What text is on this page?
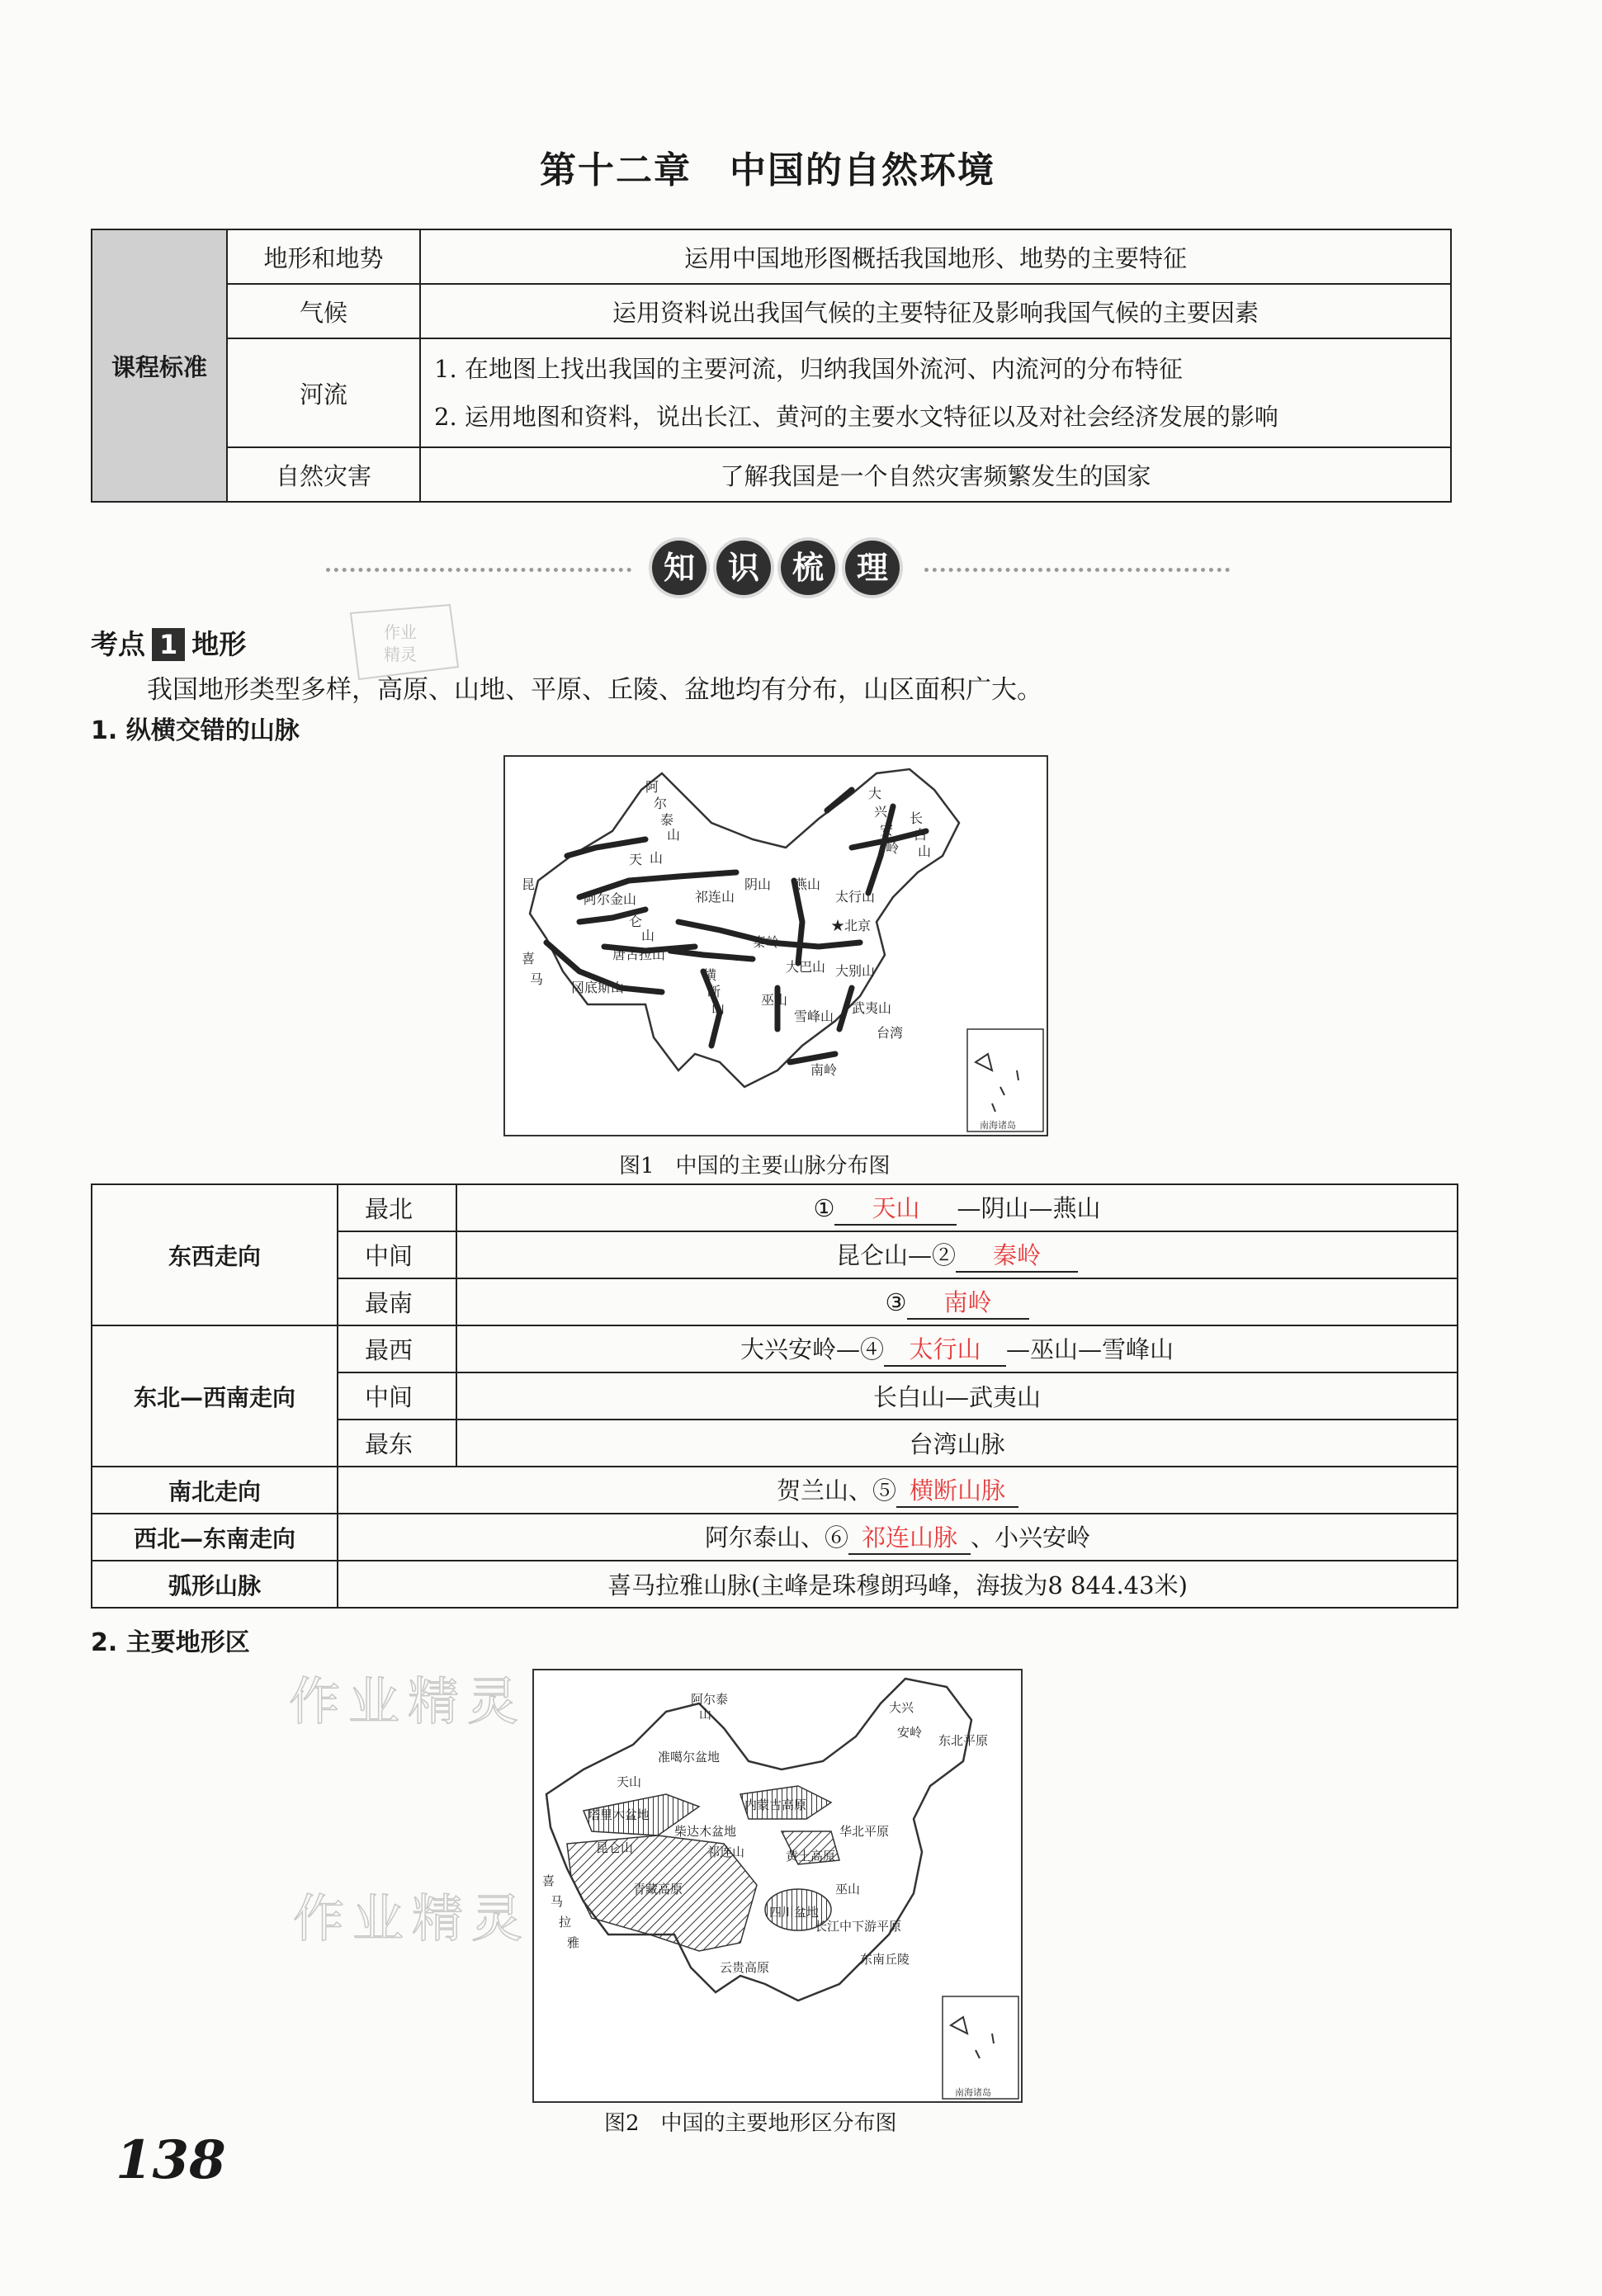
第十二章　中国的自然环境
课程标准	地形和地势	运用中国地形图概括我国地形、地势的主要特征
	气候	运用资料说出我国气候的主要特征及影响我国气候的主要因素
	河流	1. 在地图上找出我国的主要河流，归纳我国外流河、内流河的分布特征
2. 运用地图和资料，说出长江、黄河的主要水文特征以及对社会经济发展的影响

	自然灾害	了解我国是一个自然灾害频繁发生的国家
知	识	梳	理
考点 1 地形	作业
精灵
我国地形类型多样，高原、山地、平原、丘陵、盆地均有分布，山区面积广大。
1. 纵横交错的山脉
阿
尔
泰
山
天 山
阿尔金山
昆
仑
山
祁连山
阴山 燕山
太行山
★北京
唐古拉山
冈底斯山
喜
马	横
断
山
秦岭
大巴山 大别山
大
兴
安
岭
长
白
山
巫山
雪峰山
武夷山
南岭
台湾
南海诸岛
图1　中国的主要山脉分布图
东西走向	最北	① 天山 —阴山—燕山
	中间	昆仑山—② 秦岭
	最南	③ 南岭
东北—西南走向	最西	大兴安岭—④ 太行山 —巫山—雪峰山
	中间	长白山—武夷山
	最东	台湾山脉
南北走向	贺兰山、⑤ 横断山脉	
西北—东南走向	阿尔泰山、⑥ 祁连山脉 、小兴安岭	
弧形山脉	喜马拉雅山脉(主峰是珠穆朗玛峰，海拔为8 844.43米)	
2. 主要地形区
作业精灵
作业精灵
阿尔泰
山
准噶尔盆地
天山
塔里木盆地
昆仑山
柴达木盆地
内蒙古高原
祁连山
青藏高原
喜
马
拉
雅
黄土高原
华北平原
四川盆地
长江中下游平原
云贵高原
东南丘陵
大兴
安岭
东北平原
巫山
南海诸岛
图2　中国的主要地形区分布图
138
